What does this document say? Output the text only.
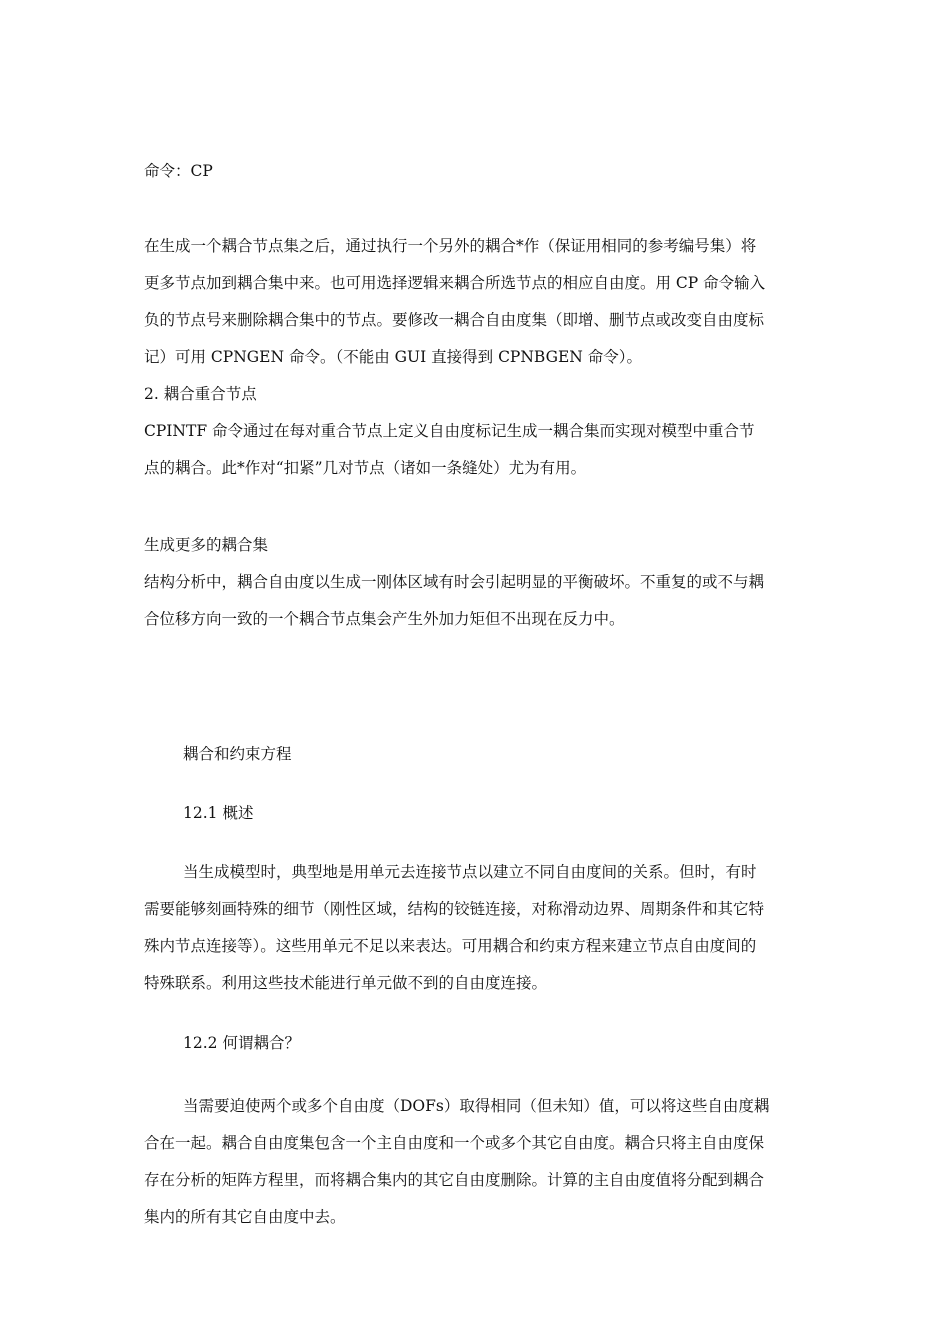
命令：CP
在生成一个耦合节点集之后，通过执行一个另外的耦合*作（保证用相同的参考编号集）将
更多节点加到耦合集中来。也可用选择逻辑来耦合所选节点的相应自由度。用 CP 命令输入
负的节点号来删除耦合集中的节点。要修改一耦合自由度集（即增、删节点或改变自由度标
记）可用 CPNGEN 命令。（不能由 GUI 直接得到 CPNBGEN 命令）。
2. 耦合重合节点
CPINTF 命令通过在每对重合节点上定义自由度标记生成一耦合集而实现对模型中重合节
点的耦合。此*作对“扣紧”几对节点（诸如一条缝处）尤为有用。
生成更多的耦合集
结构分析中，耦合自由度以生成一刚体区域有时会引起明显的平衡破坏。不重复的或不与耦
合位移方向一致的一个耦合节点集会产生外加力矩但不出现在反力中。
耦合和约束方程
12.1 概述
当生成模型时，典型地是用单元去连接节点以建立不同自由度间的关系。但时，有时
需要能够刻画特殊的细节（刚性区域，结构的铰链连接，对称滑动边界、周期条件和其它特
殊内节点连接等）。这些用单元不足以来表达。可用耦合和约束方程来建立节点自由度间的
特殊联系。利用这些技术能进行单元做不到的自由度连接。
12.2 何谓耦合？
当需要迫使两个或多个自由度（DOFs）取得相同（但未知）值，可以将这些自由度耦
合在一起。耦合自由度集包含一个主自由度和一个或多个其它自由度。耦合只将主自由度保
存在分析的矩阵方程里，而将耦合集内的其它自由度删除。计算的主自由度值将分配到耦合
集内的所有其它自由度中去。
